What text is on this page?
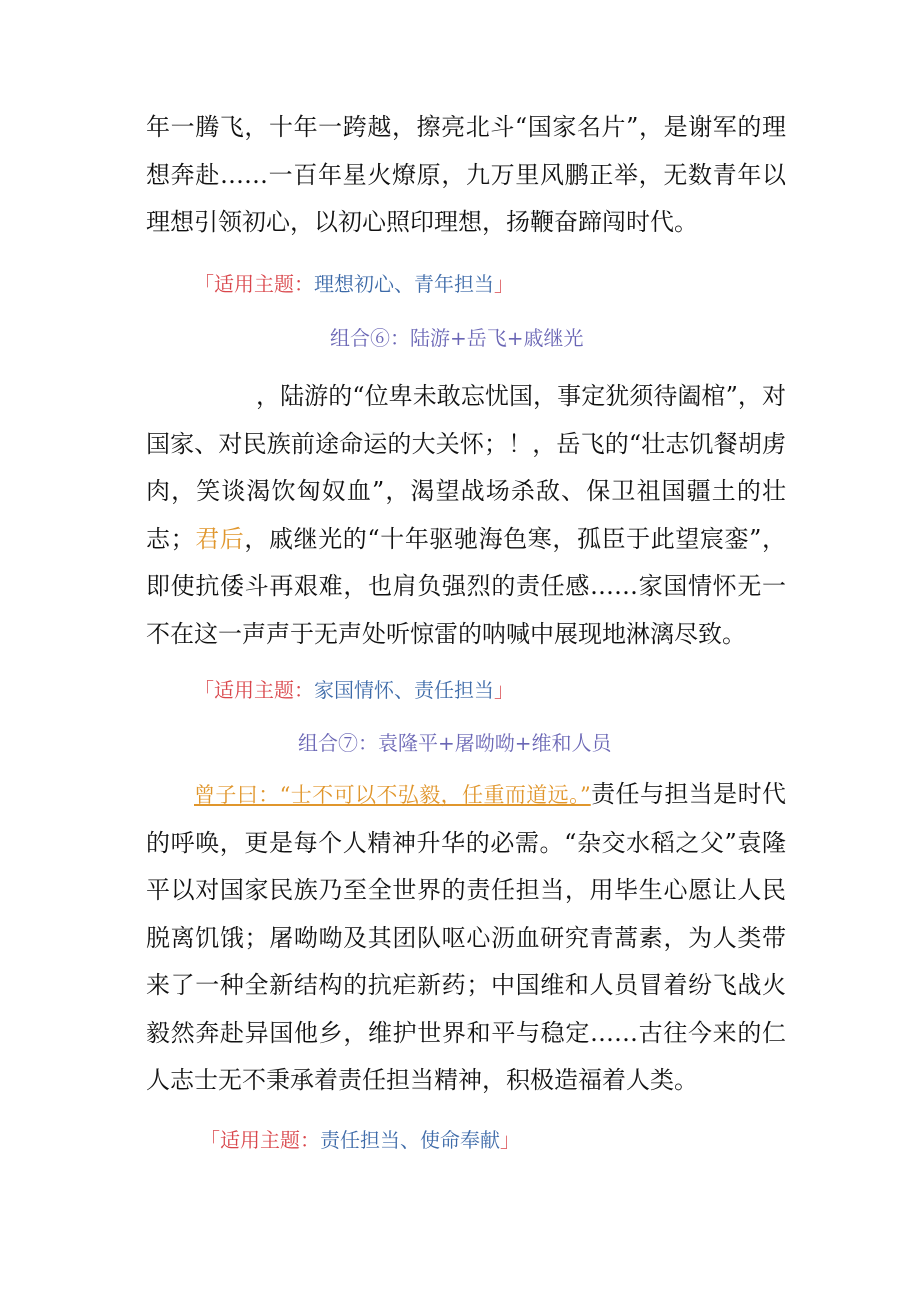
年一腾飞，十年一跨越，擦亮北斗“国家名片”，是谢军的理想奔赴……一百年星火燎原，九万里风鹏正举，无数青年以理想引领初心，以初心照印理想，扬鞭奋蹄闯时代。

「适用主题：理想初心、青年担当」

组合⑥：陆游+岳飞+戚继光

，陆游的“位卑未敢忘忧国，事定犹须待阖棺”，对国家、对民族前途命运的大关怀；！，岳飞的“壮志饥餐胡虏肉，笑谈渴饮匈奴血”，渴望战场杀敌、保卫祖国疆土的壮志；君后，戚继光的“十年驱驰海色寒，孤臣于此望宸銮”，即使抗倭斗再艰难，也肩负强烈的责任感……家国情怀无一不在这一声声于无声处听惊雷的呐喊中展现地淋漓尽致。

「适用主题：家国情怀、责任担当」

组合⑦：袁隆平+屠呦呦+维和人员

曾子曰：“士不可以不弘毅，任重而道远。”责任与担当是时代的呼唤，更是每个人精神升华的必需。“杂交水稻之父”袁隆平以对国家民族乃至全世界的责任担当，用毕生心愿让人民脱离饥饿；屠呦呦及其团队呕心沥血研究青蒿素，为人类带来了一种全新结构的抗疟新药；中国维和人员冒着纷飞战火毅然奔赴异国他乡，维护世界和平与稳定……古往今来的仁人志士无不秉承着责任担当精神，积极造福着人类。

「适用主题：责任担当、使命奉献」
